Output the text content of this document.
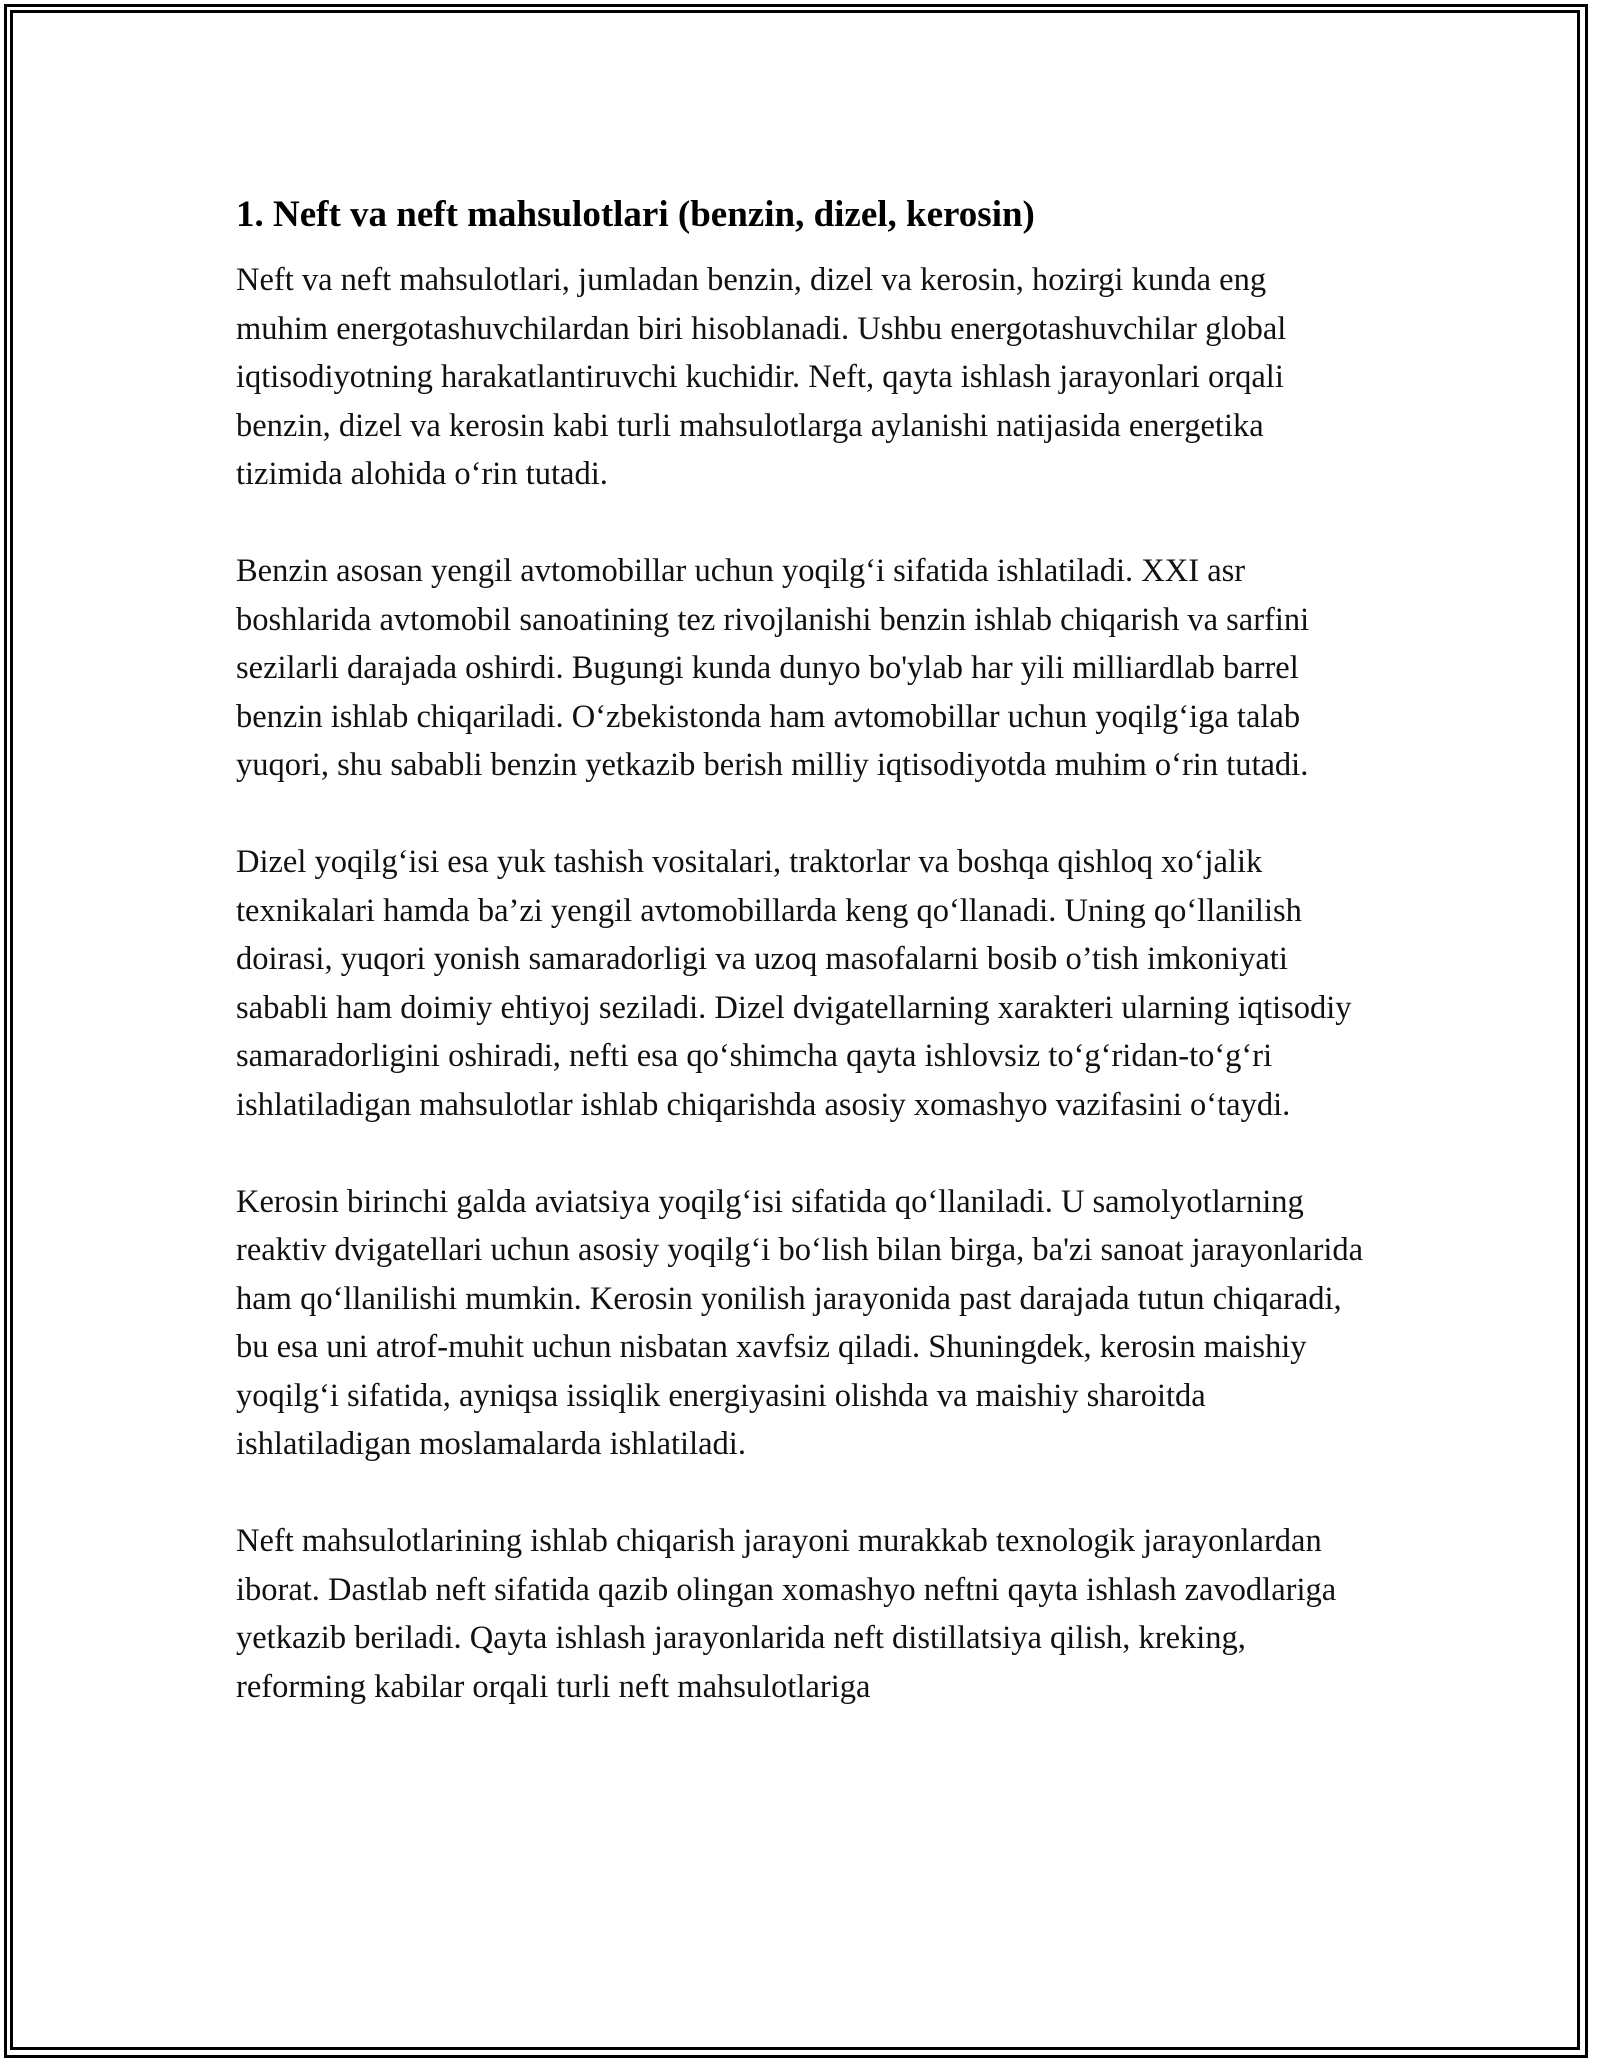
1. Neft va neft mahsulotlari (benzin, dizel, kerosin)

Neft va neft mahsulotlari, jumladan benzin, dizel va kerosin, hozirgi kunda eng muhim energotashuvchilardan biri hisoblanadi. Ushbu energotashuvchilar global iqtisodiyotning harakatlantiruvchi kuchidir. Neft, qayta ishlash jarayonlari orqali benzin, dizel va kerosin kabi turli mahsulotlarga aylanishi natijasida energetika tizimida alohida o‘rin tutadi.

Benzin asosan yengil avtomobillar uchun yoqilg‘i sifatida ishlatiladi. XXI asr boshlarida avtomobil sanoatining tez rivojlanishi benzin ishlab chiqarish va sarfini sezilarli darajada oshirdi. Bugungi kunda dunyo bo'ylab har yili milliardlab barrel benzin ishlab chiqariladi. O‘zbekistonda ham avtomobillar uchun yoqilg‘iga talab yuqori, shu sababli benzin yetkazib berish milliy iqtisodiyotda muhim o‘rin tutadi.

Dizel yoqilg‘isi esa yuk tashish vositalari, traktorlar va boshqa qishloq xo‘jalik texnikalari hamda ba’zi yengil avtomobillarda keng qo‘llanadi. Uning qo‘llanilish doirasi, yuqori yonish samaradorligi va uzoq masofalarni bosib o’tish imkoniyati sababli ham doimiy ehtiyoj seziladi. Dizel dvigatellarning xarakteri ularning iqtisodiy samaradorligini oshiradi, nefti esa qo‘shimcha qayta ishlovsiz to‘g‘ridan-to‘g‘ri ishlatiladigan mahsulotlar ishlab chiqarishda asosiy xomashyo vazifasini o‘taydi.

Kerosin birinchi galda aviatsiya yoqilg‘isi sifatida qo‘llaniladi. U samolyotlarning reaktiv dvigatellari uchun asosiy yoqilg‘i bo‘lish bilan birga, ba'zi sanoat jarayonlarida ham qo‘llanilishi mumkin. Kerosin yonilish jarayonida past darajada tutun chiqaradi, bu esa uni atrof-muhit uchun nisbatan xavfsiz qiladi. Shuningdek, kerosin maishiy yoqilg‘i sifatida, ayniqsa issiqlik energiyasini olishda va maishiy sharoitda ishlatiladigan moslamalarda ishlatiladi.

Neft mahsulotlarining ishlab chiqarish jarayoni murakkab texnologik jarayonlardan iborat. Dastlab neft sifatida qazib olingan xomashyo neftni qayta ishlash zavodlariga yetkazib beriladi. Qayta ishlash jarayonlarida neft distillatsiya qilish, kreking, reforming kabilar orqali turli neft mahsulotlariga
